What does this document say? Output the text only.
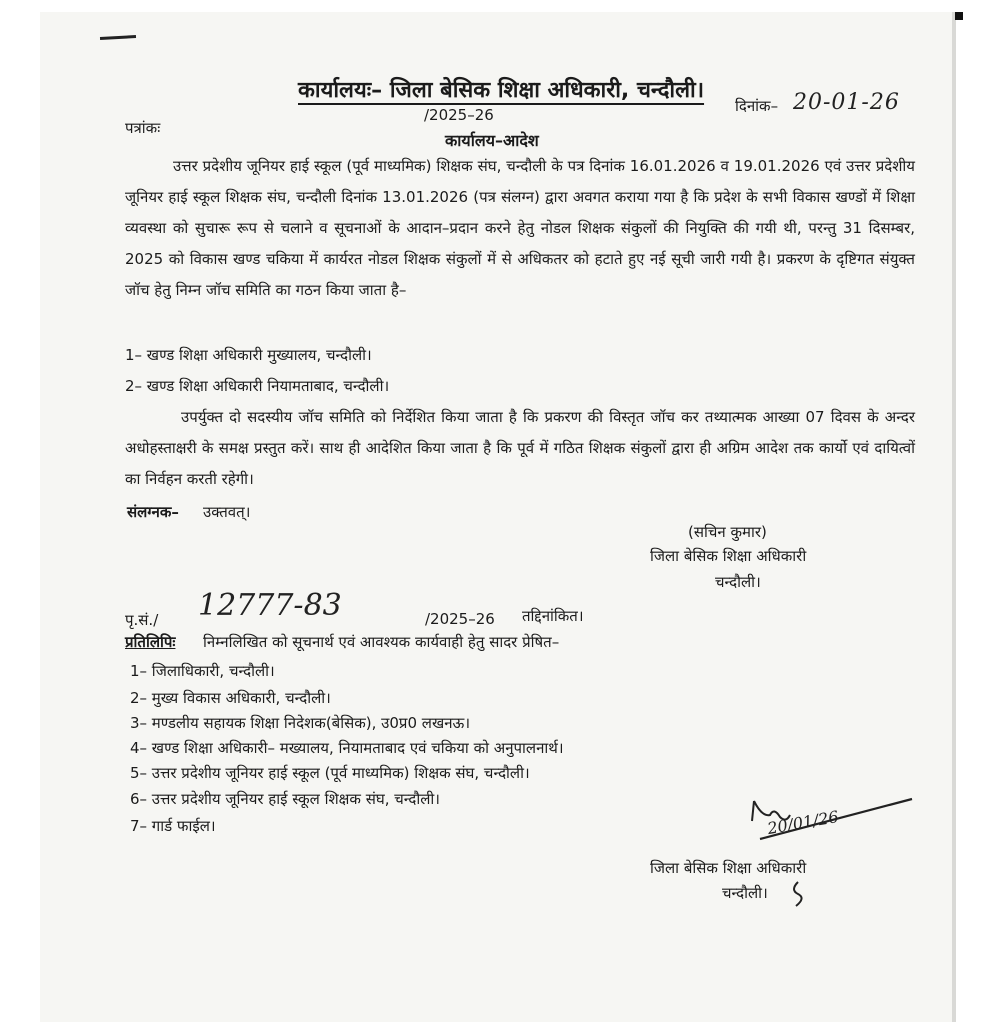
कार्यालयः– जिला बेसिक शिक्षा अधिकारी, चन्दौली।
दिनांक– 20-01-26
पत्रांकः
/2025–26
कार्यालय–आदेश
उत्तर प्रदेशीय जूनियर हाई स्कूल (पूर्व माध्यमिक) शिक्षक संघ, चन्दौली के पत्र दिनांक 16.01.2026 व 19.01.2026 एवं उत्तर प्रदेशीय जूनियर हाई स्कूल शिक्षक संघ, चन्दौली दिनांक 13.01.2026 (पत्र संलग्न) द्वारा अवगत कराया गया है कि प्रदेश के सभी विकास खण्डों में शिक्षा व्यवस्था को सुचारू रूप से चलाने व सूचनाओं के आदान–प्रदान करने हेतु नोडल शिक्षक संकुलों की नियुक्ति की गयी थी, परन्तु 31 दिसम्बर, 2025 को विकास खण्ड चकिया में कार्यरत नोडल शिक्षक संकुलों में से अधिकतर को हटाते हुए नई सूची जारी गयी है। प्रकरण के दृष्टिगत संयुक्त जॉच हेतु निम्न जॉच समिति का गठन किया जाता है–
1– खण्ड शिक्षा अधिकारी मुख्यालय, चन्दौली।
2– खण्ड शिक्षा अधिकारी नियामताबाद, चन्दौली।
उपर्युक्त दो सदस्यीय जॉच समिति को निर्देशित किया जाता है कि प्रकरण की विस्तृत जॉच कर तथ्यात्मक आख्या 07 दिवस के अन्दर अधोहस्ताक्षरी के समक्ष प्रस्तुत करें। साथ ही आदेशित किया जाता है कि पूर्व में गठित शिक्षक संकुलों द्वारा ही अग्रिम आदेश तक कार्यो एवं दायित्वों का निर्वहन करती रहेगी।
संलग्नक– उक्तवत्।
(सचिन कुमार)
जिला बेसिक शिक्षा अधिकारी
चन्दौली।
पृ.सं./ 12777-83	/2025–26 तद्दिनांकित।
प्रतिलिपिः निम्नलिखित को सूचनार्थ एवं आवश्यक कार्यवाही हेतु सादर प्रेषित–
1– जिलाधिकारी, चन्दौली।
2– मुख्य विकास अधिकारी, चन्दौली।
3– मण्डलीय सहायक शिक्षा निदेशक(बेसिक), उ0प्र0 लखनऊ।
4– खण्ड शिक्षा अधिकारी– मख्यालय, नियामताबाद एवं चकिया को अनुपालनार्थ।
5– उत्तर प्रदेशीय जूनियर हाई स्कूल (पूर्व माध्यमिक) शिक्षक संघ, चन्दौली।
6– उत्तर प्रदेशीय जूनियर हाई स्कूल शिक्षक संघ, चन्दौली।
7– गार्ड फाईल।	20/01/26
जिला बेसिक शिक्षा अधिकारी
चन्दौली।
